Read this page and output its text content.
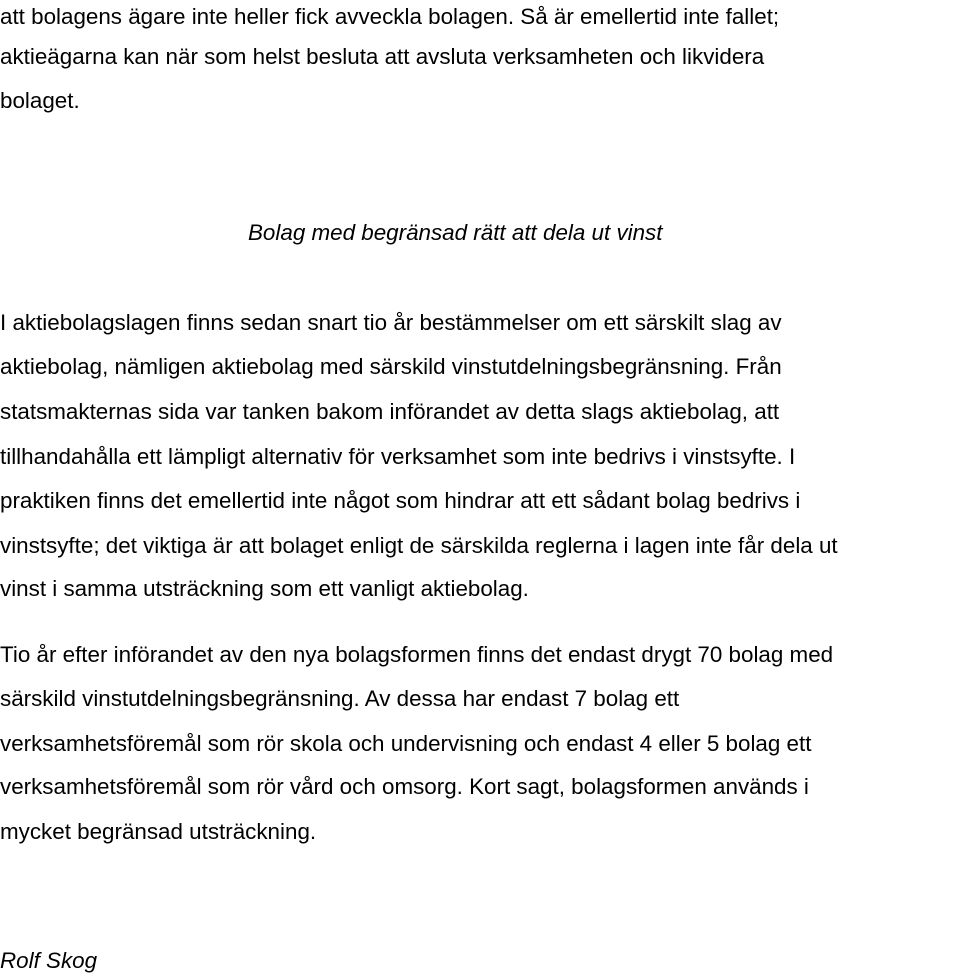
att bolagens ägare inte heller fick avveckla bolagen. Så är emellertid inte fallet;

aktieägarna kan när som helst besluta att avsluta verksamheten och likvidera

bolaget.

Bolag med begränsad rätt att dela ut vinst

I aktiebolagslagen finns sedan snart tio år bestämmelser om ett särskilt slag av

aktiebolag, nämligen aktiebolag med särskild vinstutdelningsbegränsning. Från

statsmakternas sida var tanken bakom införandet av detta slags aktiebolag, att

tillhandahålla ett lämpligt alternativ för verksamhet som inte bedrivs i vinstsyfte. I

praktiken finns det emellertid inte något som hindrar att ett sådant bolag bedrivs i

vinstsyfte; det viktiga är att bolaget enligt de särskilda reglerna i lagen inte får dela ut

vinst i samma utsträckning som ett vanligt aktiebolag.

Tio år efter införandet av den nya bolagsformen finns det endast drygt 70 bolag med

särskild vinstutdelningsbegränsning. Av dessa har endast 7 bolag ett

verksamhetsföremål som rör skola och undervisning och endast 4 eller 5 bolag ett

verksamhetsföremål som rör vård och omsorg. Kort sagt, bolagsformen används i

mycket begränsad utsträckning.

Rolf Skog
